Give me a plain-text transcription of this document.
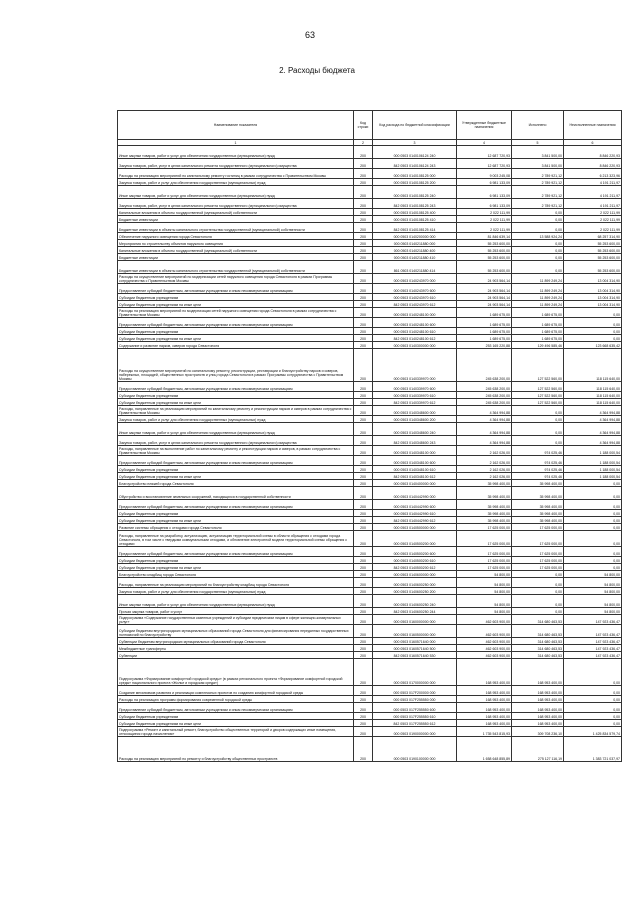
63
2. Расходы бюджета
Наименование показателя	Код строки	Код расхода по бюджетной классификации	Утвержденные бюджетные назначения	Исполнено	Неисполненные назначения
1	2	3	4	5	6
Иные закупки товаров, работ и услуг для обеспечения государственных (муниципальных) нужд	200	000 0503 0140106124 240	12 687 720,93	3 841 500,00	8 846 220,93
Закупка товаров, работ, услуг в целях капитального ремонта государственного (муниципального) имущества	200	842 0503 0140106124 243	12 687 720,93	3 841 500,00	8 846 220,93
Расходы на реализацию мероприятий по капитальному ремонту гостиниц в рамках сотрудничества с Правительством Москвы	200	000 0503 0140108125 000	9 003 245,08	2 789 921,12	6 213 323,96
Закупка товаров, работ и услуг для обеспечения государственных (муниципальных) нужд	200	000 0503 0140108125 200	6 981 133,09	2 789 921,12	4 191 211,97
Иные закупки товаров, работ и услуг для обеспечения государственных (муниципальных) нужд	200	000 0503 0140108125 240	6 981 133,09	2 789 921,12	4 191 211,97
Закупка товаров, работ, услуг в целях капитального ремонта государственного (муниципального) имущества	200	842 0503 0140108125 243	6 981 133,09	2 789 921,12	4 191 211,97
Капитальные вложения в объекты государственной (муниципальной) собственности	200	000 0503 0140108125 400	2 022 111,99	0,00	2 022 111,99
Бюджетные инвестиции	200	000 0503 0140108125 410	2 022 111,99	0,00	2 022 111,99
Бюджетные инвестиции в объекты капитального строительства государственной (муниципальной) собственности	200	842 0503 0140108125 414	2 022 111,99	0,00	2 022 111,99
Обеспечение наружного освещения города Севастополя	200	000 0503 0140200000 000	81 846 639,14	13 588 924,24	68 257 314,90
Мероприятия по строительству объектов наружного освещения	200	000 0503 0140211880 000	55 253 600,00	0,00	55 253 600,00
Капитальные вложения в объекты государственной (муниципальной) собственности	200	000 0503 0140211880 400	55 253 600,00	0,00	55 253 600,00
Бюджетные инвестиции	200	000 0503 0140211880 410	55 253 600,00	0,00	55 253 600,00
Бюджетные инвестиции в объекты капитального строительства государственной (муниципальной) собственности	200	861 0503 0140211880 414	55 253 600,00	0,00	55 253 600,00
Расходы на осуществление мероприятий по модернизации сетей наружного освещения города Севастополя в рамках Программы сотрудничества с Правительством Москвы	200	000 0503 0140243970 000	24 903 564,14	11 899 249,24	13 004 314,90
Предоставление субсидий бюджетным, автономным учреждениям и иным некоммерческим организациям	200	000 0503 0140243970 600	24 903 564,14	11 899 249,24	13 004 314,90
Субсидии бюджетным учреждениям	200	000 0503 0140243970 610	24 903 564,14	11 899 249,24	13 004 314,90
Субсидии бюджетным учреждениям на иные цели	200	842 0503 0140243970 612	24 903 564,14	11 899 249,24	13 004 314,90
Расходы на реализацию мероприятий по модернизации сетей наружного освещения города Севастополя в рамках сотрудничества с Правительством Москвы	200	000 0503 0140248100 000	1 689 675,00	1 689 675,00	0,00
Предоставление субсидий бюджетным, автономным учреждениям и иным некоммерческим организациям	200	000 0503 0140248100 600	1 689 675,00	1 689 675,00	0,00
Субсидии бюджетным учреждениям	200	000 0503 0140248100 610	1 689 675,00	1 689 675,00	0,00
Субсидии бюджетным учреждениям на иные цели	200	842 0503 0140248100 612	1 689 675,00	1 689 675,00	0,00
Содержание и развитие парков, скверов города Севастополя	200	000 0503 0140300000 000	253 165 220,88	129 496 585,46	123 668 635,42
Расходы на осуществление мероприятий по капитальному ремонту, реконструкции, реставрации и благоустройству парков и скверов, набережных, площадей, общественных пространств и улиц города Севастополя в рамках Программы сотрудничества с Правительством Москвы	200	000 0503 0140339970 000	245 638 200,00	127 522 560,00	118 115 640,00
Предоставление субсидий бюджетным, автономным учреждениям и иным некоммерческим организациям	200	000 0503 0140339970 600	245 638 200,00	127 522 560,00	118 115 640,00
Субсидии бюджетным учреждениям	200	000 0503 0140339970 610	245 638 200,00	127 522 560,00	118 115 640,00
Субсидии бюджетным учреждениям на иные цели	200	842 0503 0140339970 612	245 638 200,00	127 522 560,00	118 115 640,00
Расходы, направленные на реализацию мероприятий по капитальному ремонту и реконструкции парков и скверов в рамках сотрудничества с Правительством Москвы	200	000 0503 0140348600 000	4 364 994,88	0,00	4 364 994,88
Закупка товаров, работ и услуг для обеспечения государственных (муниципальных) нужд	200	000 0503 0140348600 200	4 364 994,88	0,00	4 364 994,88
Иные закупки товаров, работ и услуг для обеспечения государственных (муниципальных) нужд	200	000 0503 0140348600 240	4 364 994,88	0,00	4 364 994,88
Закупка товаров, работ, услуг в целях капитального ремонта государственного (муниципального) имущества	200	842 0503 0140348600 243	4 364 994,88	0,00	4 364 994,88
Расходы, направленные на выполнение работ по капитальному ремонту и реконструкции парков и скверов, в рамках сотрудничества с Правительством Москвы	200	000 0503 0140348100 000	2 162 026,00	974 025,46	1 188 000,54
Предоставление субсидий бюджетным, автономным учреждениям и иным некоммерческим организациям	200	000 0503 0140348100 600	2 162 026,00	974 025,46	1 188 000,54
Субсидии бюджетным учреждениям	200	000 0503 0140348100 610	2 162 026,00	974 025,46	1 188 000,54
Субсидии бюджетным учреждениям на иные цели	200	842 0503 0140348100 612	2 162 026,00	974 025,46	1 188 000,54
Благоустройство пляжей города Севастополя	200	000 0503 0140400000 000	35 998 400,00	35 998 400,00	0,00
Обустройство и восстановление земельных сооружений, находящихся в государственной собственности	200	000 0503 0140442990 000	35 998 400,00	35 998 400,00	0,00
Предоставление субсидий бюджетным, автономным учреждениям и иным некоммерческим организациям	200	000 0503 0140442990 600	35 998 400,00	35 998 400,00	0,00
Субсидии бюджетным учреждениям	200	000 0503 0140442990 610	35 998 400,00	35 998 400,00	0,00
Субсидии бюджетным учреждениям на иные цели	200	842 0503 0140442990 612	35 998 400,00	35 998 400,00	0,00
Развитие системы обращения с отходами города Севастополя	200	000 0503 0140500000 000	17 625 000,00	17 625 000,00	0,00
Расходы, направленные на разработку, актуализацию, актуализацию территориальной схемы в области обращения с отходами города Севастополя, в том числе с твердыми коммунальными отходами, и обновление электронной модели территориальной схемы обращения с отходами	200	000 0503 0140500200 000	17 625 000,00	17 625 000,00	0,00
Предоставление субсидий бюджетным, автономным учреждениям и иным некоммерческим организациям	200	000 0503 0140500200 600	17 625 000,00	17 625 000,00	0,00
Субсидии бюджетным учреждениям	200	000 0503 0140500200 610	17 625 000,00	17 625 000,00	0,00
Субсидии бюджетным учреждениям на иные цели	200	842 0503 0140500200 612	17 625 000,00	17 625 000,00	0,00
Благоустройство кладбищ города Севастополя	200	000 0503 0140600000 000	54 800,00	0,00	54 800,00
Расходы, направленные на реализацию мероприятий по благоустройству кладбищ города Севастополя	200	000 0503 0140600250 000	54 800,00	0,00	54 800,00
Закупка товаров, работ и услуг для обеспечения государственных (муниципальных) нужд	200	000 0503 0140600250 200	54 800,00	0,00	54 800,00
Иные закупки товаров, работ и услуг для обеспечения государственных (муниципальных) нужд	200	000 0503 0140600250 240	54 800,00	0,00	54 800,00
Прочая закупка товаров, работ и услуг	200	842 0503 0140600250 244	54 800,00	0,00	54 800,00
Подпрограмма «Содержание государственных казенных учреждений и субсидии юридическим лицам в сфере жилищно-коммунальных услуг»	200	000 0503 0160000000 000	462 603 900,00	314 680 463,53	147 923 436,47
Субсидии бюджетам внутригородских муниципальных образований города Севастополя для финансирования переданных государственных полномочий по благоустройству	200	000 0503 0160500000 000	462 603 900,00	314 680 463,53	147 923 436,47
Субвенции бюджетам внутригородских муниципальных образований города Севастополя	200	000 0503 0160571640 000	462 603 900,00	314 680 463,53	147 923 436,47
Межбюджетные трансферты	200	000 0503 0160571640 500	462 603 900,00	314 680 463,53	147 923 436,47
Субвенции	200	842 0503 0160571640 530	462 603 900,00	314 680 463,53	147 923 436,47
Подпрограмма «Формирование комфортной городской среды» (в рамках регионального проекта «Формирование комфортной городской среды» национального проекта «Жилье и городская среда»)	200	000 0503 0170000000 000	168 953 400,00	168 953 400,00	0,00
Создание механизмов развития и реализации комплексных проектов по созданию комфортной городской среды	200	000 0503 017F200000 000	168 953 400,00	168 953 400,00	0,00
Расходы на реализацию программ формирования современной городской среды	200	000 0503 017F255550 000	168 953 400,00	168 953 400,00	0,00
Предоставление субсидий бюджетным, автономным учреждениям и иным некоммерческим организациям	200	000 0503 017F255550 600	168 953 400,00	168 953 400,00	0,00
Субсидии бюджетным учреждениям	200	000 0503 017F255550 610	168 953 400,00	168 953 400,00	0,00
Субсидии бюджетным учреждениям на иные цели	200	842 0503 017F255550 612	168 953 400,00	168 953 400,00	0,00
Подпрограмма «Ремонт и капитальный ремонт, благоустройство общественных территорий и дворов содержащих иные помещения, относящиеся города начисления»	200	000 0503 0190000000 000	1 735 543 815,93	309 708 236,10	1 425 834 579,74
Расходы на реализацию мероприятий по ремонту и благоустройству общественных пространств	200	000 0503 0190100000 000	1 658 648 855,89	275 127 116,19	1 383 721 037,97
